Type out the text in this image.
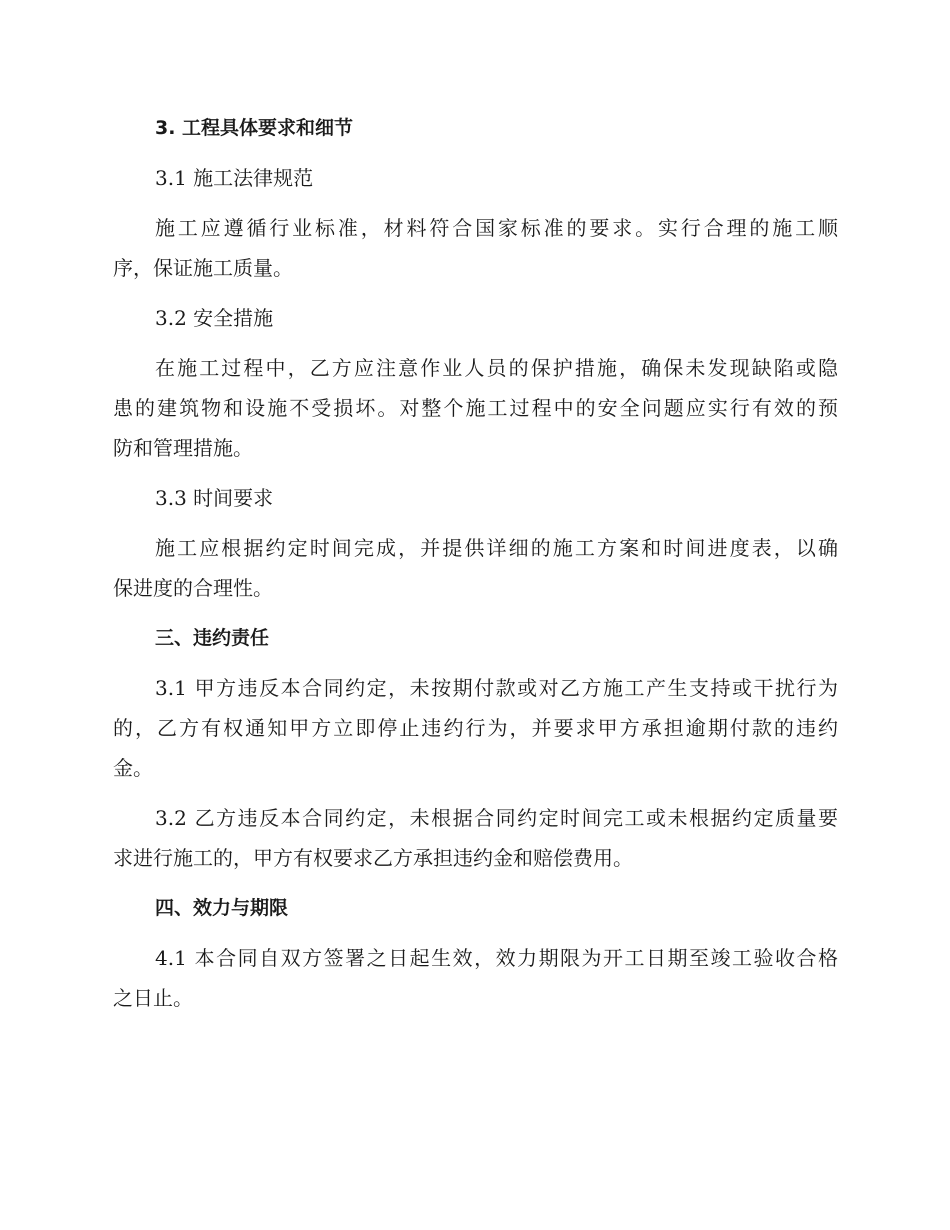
3. 工程具体要求和细节

3.1 施工法律规范

施工应遵循行业标准，材料符合国家标准的要求。实行合理的施工顺

序，保证施工质量。

3.2 安全措施

在施工过程中，乙方应注意作业人员的保护措施，确保未发现缺陷或隐

患的建筑物和设施不受损坏。对整个施工过程中的安全问题应实行有效的预

防和管理措施。

3.3 时间要求

施工应根据约定时间完成，并提供详细的施工方案和时间进度表，以确

保进度的合理性。

三、违约责任

3.1 甲方违反本合同约定，未按期付款或对乙方施工产生支持或干扰行为

的，乙方有权通知甲方立即停止违约行为，并要求甲方承担逾期付款的违约

金。

3.2 乙方违反本合同约定，未根据合同约定时间完工或未根据约定质量要

求进行施工的，甲方有权要求乙方承担违约金和赔偿费用。

四、效力与期限

4.1 本合同自双方签署之日起生效，效力期限为开工日期至竣工验收合格

之日止。
